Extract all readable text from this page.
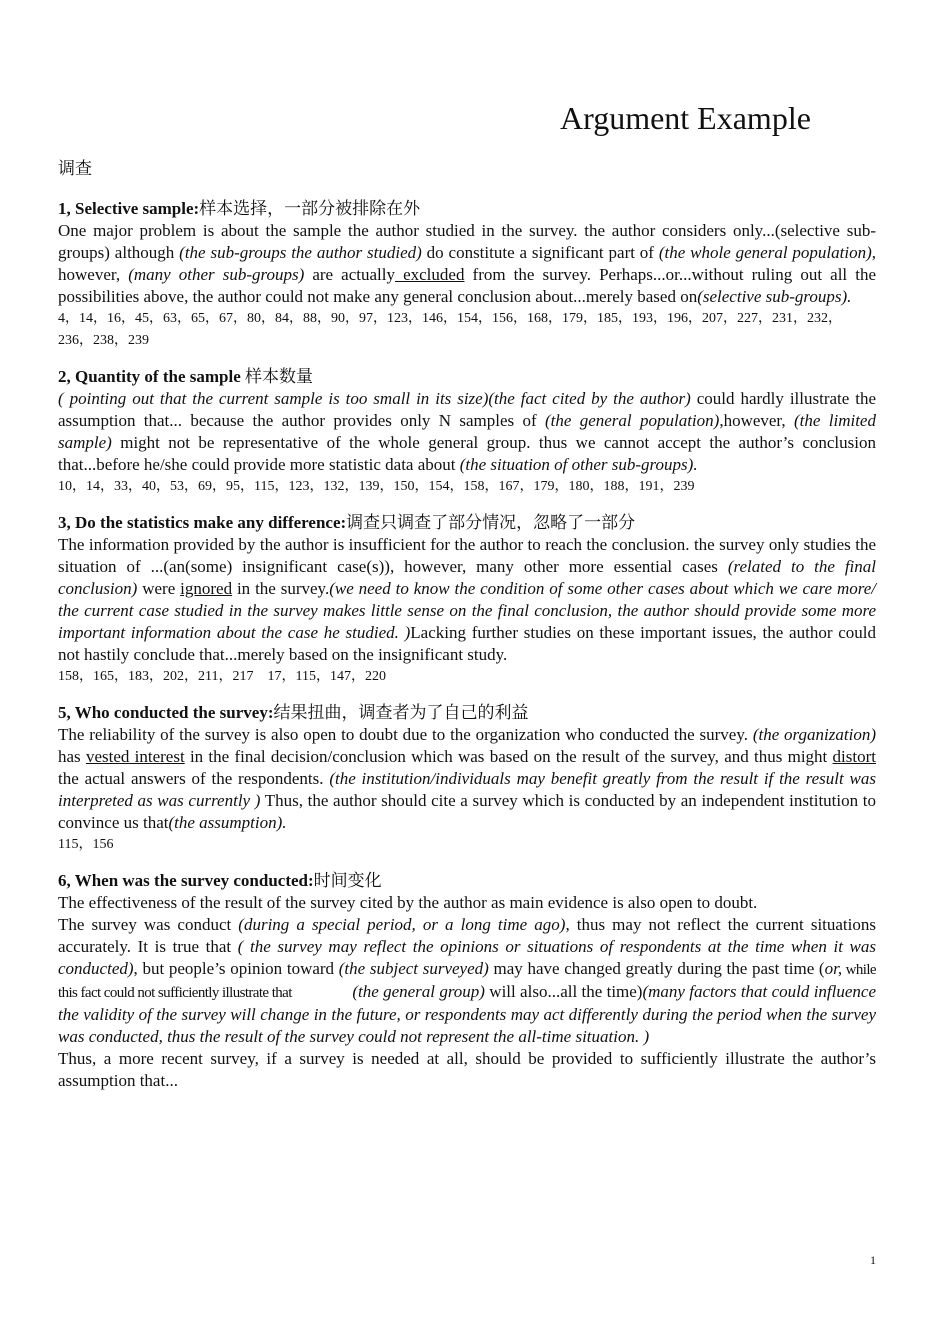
Argument Example
调查
1, Selective sample:样本选择，一部分被排除在外

One major problem is about the sample the author studied in the survey. the author considers only...(selective sub-groups) although (the sub-groups the author studied) do constitute a significant part of (the whole general population), however, (many other sub-groups) are actually excluded from the survey. Perhaps...or...without ruling out all the possibilities above, the author could not make any general conclusion about...merely based on(selective sub-groups).

4，14，16，45，63，65，67，80，84，88，90，97，123，146，154，156，168，179，185，193，196，207，227，231，232，236，238，239
2, Quantity of the sample 样本数量

( pointing out that the current sample is too small in its size)(the fact cited by the author) could hardly illustrate the assumption that... because the author provides only N samples of (the general population),however, (the limited sample) might not be representative of the whole general group. thus we cannot accept the author’s conclusion that...before he/she could provide more statistic data about (the situation of other sub-groups).

10，14，33，40，53，69，95，115，123，132，139，150，154，158，167，179，180，188，191，239
3, Do the statistics make any difference:调查只调查了部分情况，忽略了一部分

The information provided by the author is insufficient for the author to reach the conclusion. the survey only studies the situation of ...(an(some) insignificant case(s)), however, many other more essential cases (related to the final conclusion) were ignored in the survey.(we need to know the condition of some other cases about which we care more/ the current case studied in the survey makes little sense on the final conclusion, the author should provide some more important information about the case he studied. )Lacking further studies on these important issues, the author could not hastily conclude that...merely based on the insignificant study.

158，165，183，202，211，217　17，115，147，220
5, Who conducted the survey:结果扭曲，调查者为了自己的利益

The reliability of the survey is also open to doubt due to the organization who conducted the survey. (the organization) has vested interest in the final decision/conclusion which was based on the result of the survey, and thus might distort the actual answers of the respondents. (the institution/individuals may benefit greatly from the result if the result was interpreted as was currently ) Thus, the author should cite a survey which is conducted by an independent institution to convince us that(the assumption).

115，156
6, When was the survey conducted:时间变化

The effectiveness of the result of the survey cited by the author as main evidence is also open to doubt.

The survey was conduct (during a special period, or a long time ago), thus may not reflect the current situations accurately. It is true that ( the survey may reflect the opinions or situations of respondents at the time when it was conducted), but people’s opinion toward (the subject surveyed) may have changed greatly during the past time (or, while this fact could not sufficiently illustrate that	(the general group) will also...all the time)(many factors that could influence the validity of the survey will change in the future, or respondents may act differently during the period when the survey was conducted, thus the result of the survey could not represent the all-time situation. )

Thus, a more recent survey, if a survey is needed at all, should be provided to sufficiently illustrate the author’s assumption that...

1
